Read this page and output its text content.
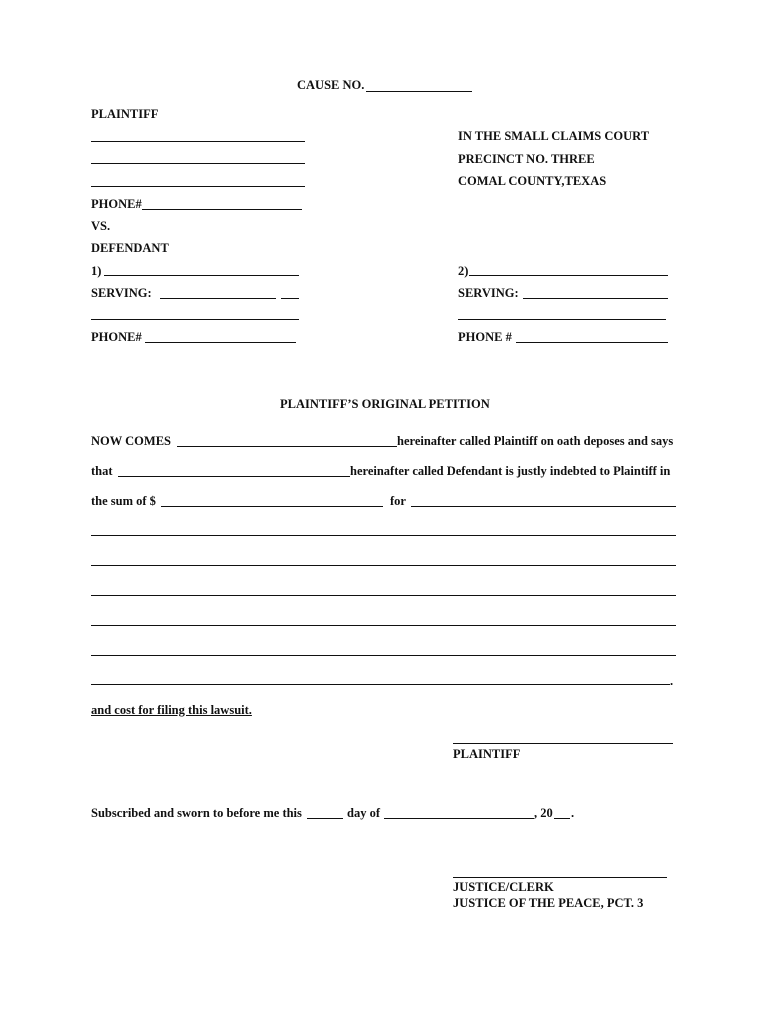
CAUSE NO.
PLAINTIFF
PHONE#
VS.
DEFENDANT
IN THE SMALL CLAIMS COURT
PRECINCT NO. THREE
COMAL COUNTY,TEXAS
1)
SERVING:
PHONE#
2)
SERVING:
PHONE #
PLAINTIFF’S ORIGINAL PETITION
NOW COMES	hereinafter called Plaintiff on oath deposes and says
that	hereinafter called Defendant is justly indebted to Plaintiff in
the sum of $	for
.
and cost for filing this lawsuit.
PLAINTIFF
Subscribed and sworn to before me this	day of	, 20 .
JUSTICE/CLERK
JUSTICE OF THE PEACE, PCT. 3
